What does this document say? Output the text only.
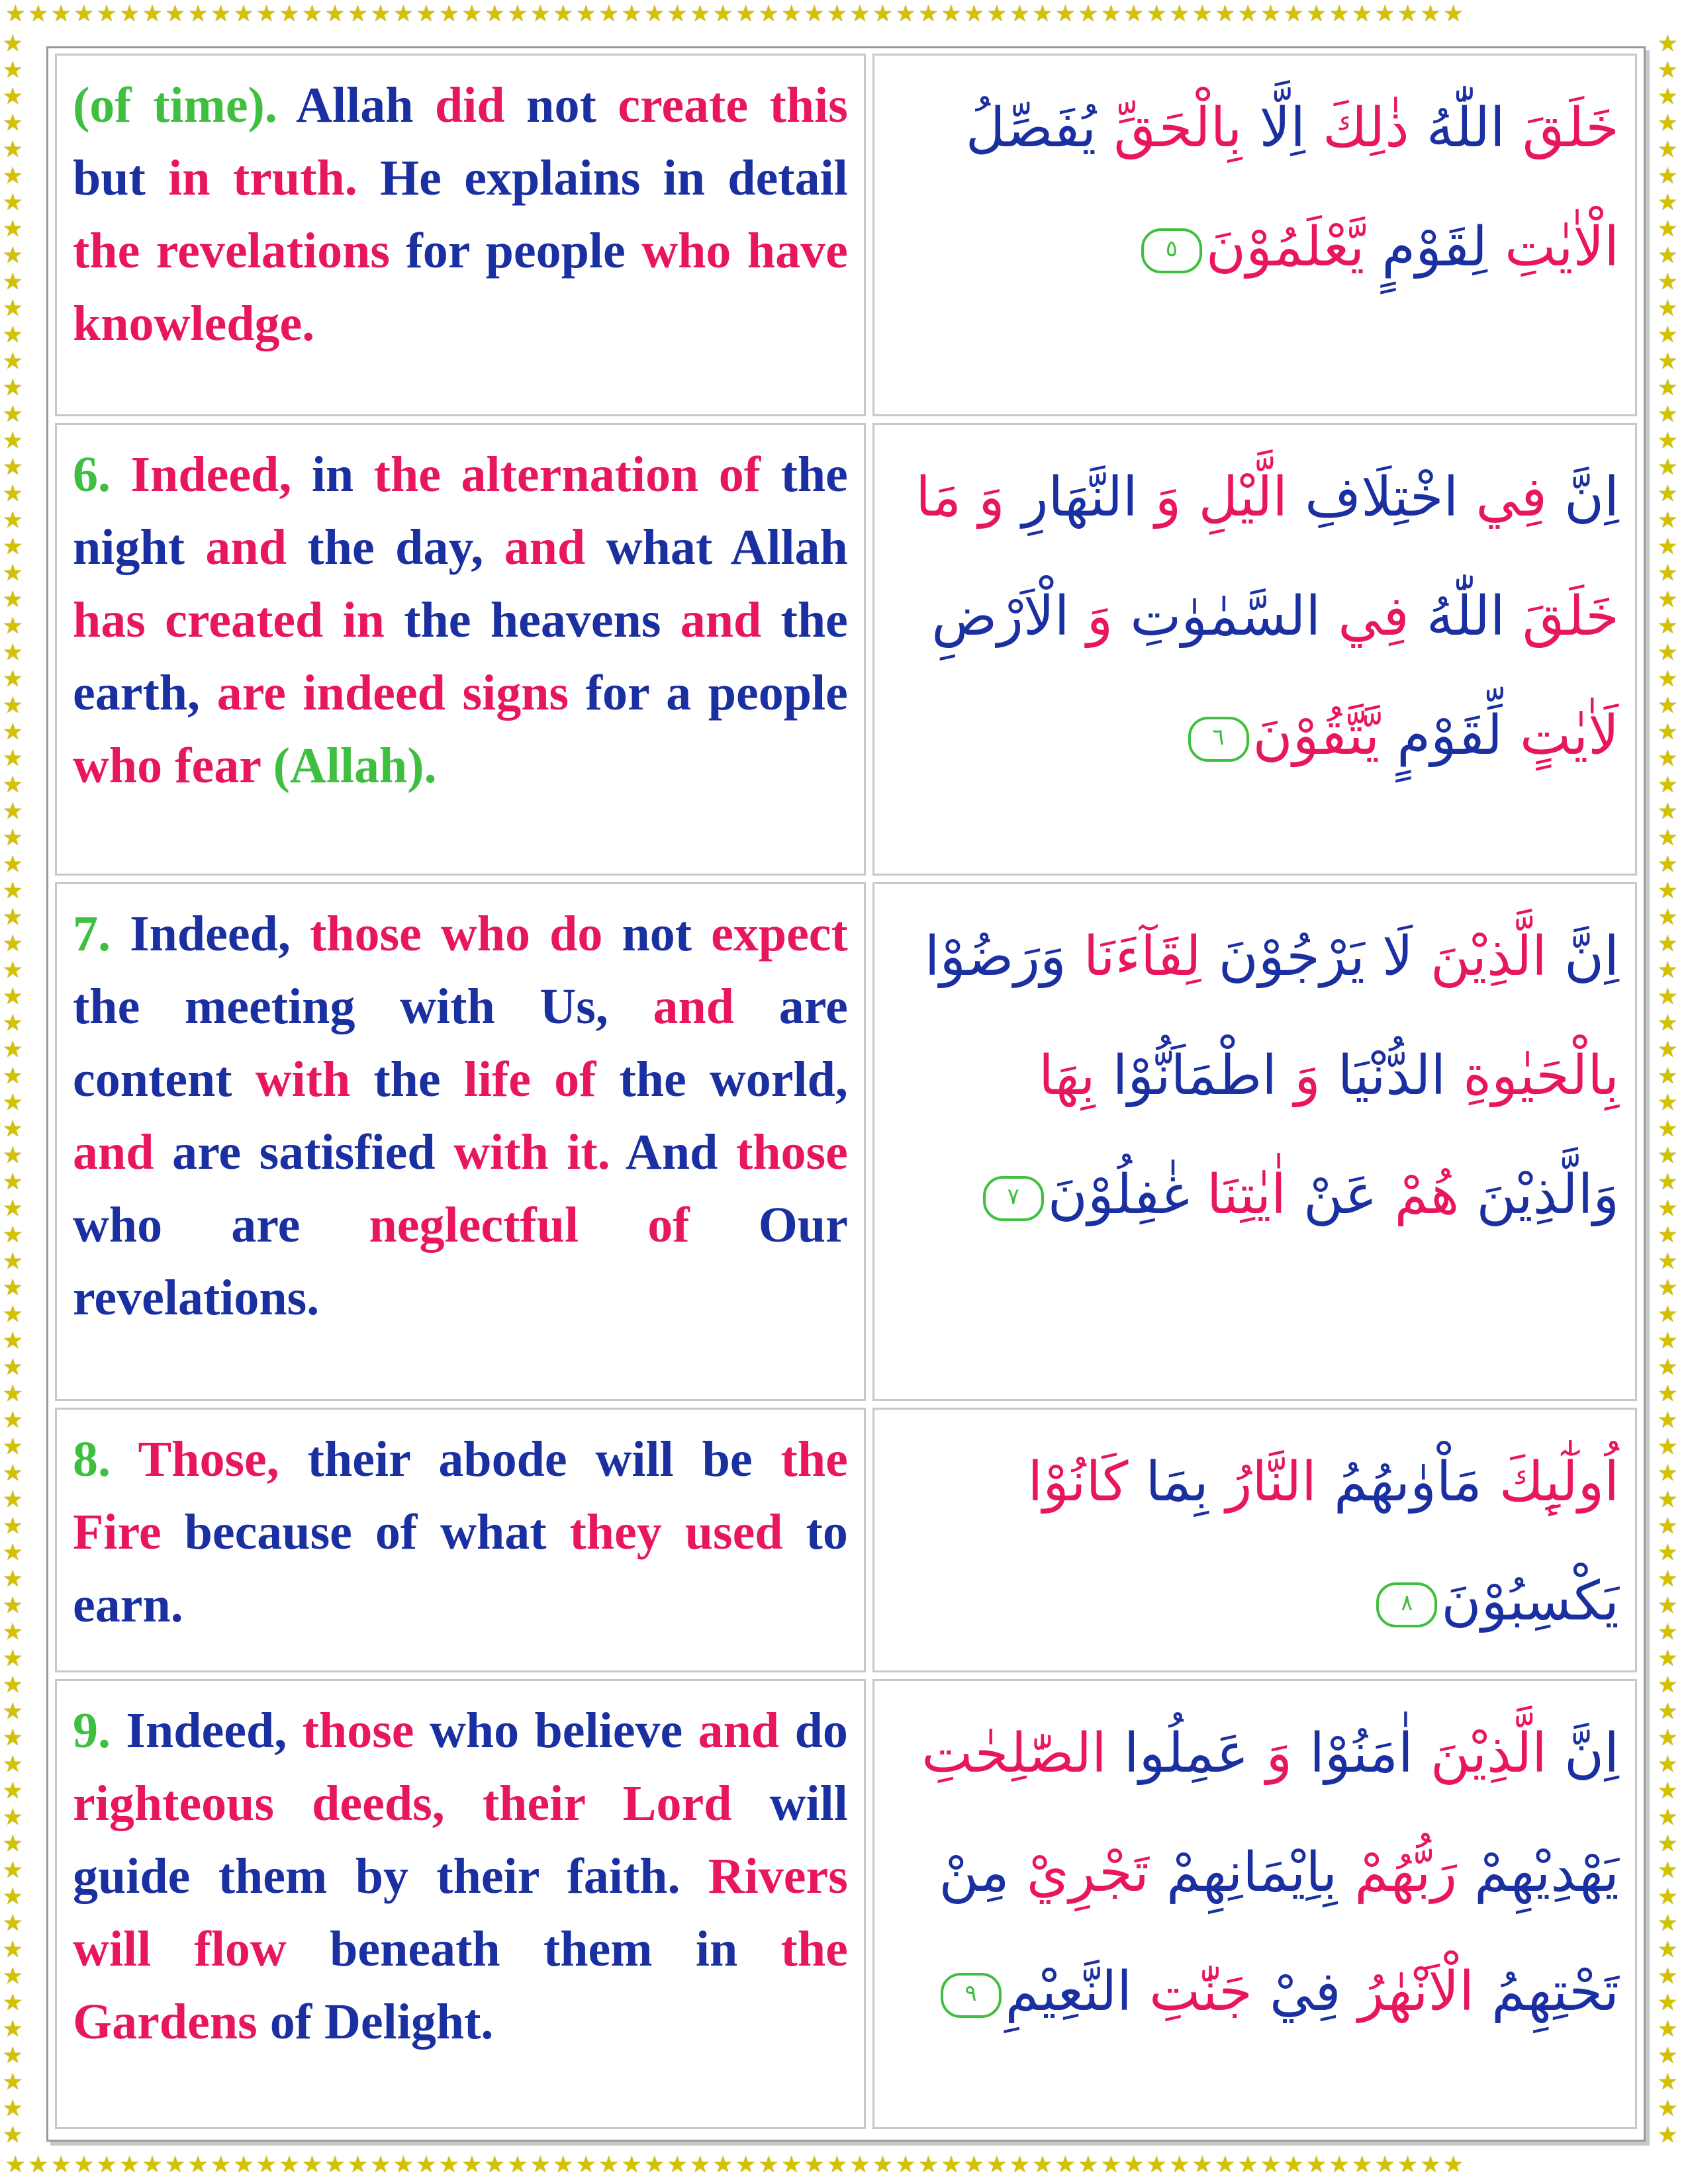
★★★★★★★★★★★★★★★★★★★★★★★★★★★★★★★★★★★★★★★★★★★★★★★★★★★★★★★★★★★★★★★★
★★★★★★★★★★★★★★★★★★★★★★★★★★★★★★★★★★★★★★★★★★★★★★★★★★★★★★★★★★★★★★★★
★★★★★★★★★★★★★★★★★★★★★★★★★★★★★★★★★★★★★★★★★★★★★★★★★★★★★★★★★★★★★★★★★★★★★★★★★★★★★★★★
★★★★★★★★★★★★★★★★★★★★★★★★★★★★★★★★★★★★★★★★★★★★★★★★★★★★★★★★★★★★★★★★★★★★★★★★★★★★★★★★
(of time). Allah did not create this but in truth. He explains in detail the revelations for people who have knowledge.
خَلَقَ اللّٰهُ ذٰلِكَ اِلَّا بِالْحَقِّ يُفَصِّلُ الْاٰيٰتِ لِقَوْمٍ يَّعْلَمُوْنَ٥
6. Indeed, in the alternation of the night and the day, and what Allah has created in the heavens and the earth, are indeed signs for a people who fear (Allah).
اِنَّ فِي اخْتِلَافِ الَّيْلِ وَ النَّهَارِ وَ مَا خَلَقَ اللّٰهُ فِي السَّمٰوٰتِ وَ الْاَرْضِ لَاٰيٰتٍ لِّقَوْمٍ يَّتَّقُوْنَ٦
7. Indeed, those who do not expect the meeting with Us, and are content with the life of the world, and are satisfied with it. And those who are neglectful of Our revelations.
اِنَّ الَّذِيْنَ لَا يَرْجُوْنَ لِقَآءَنَا وَرَضُوْا بِالْحَيٰوةِ الدُّنْيَا وَ اطْمَاَنُّوْا بِهَا وَالَّذِيْنَ هُمْ عَنْ اٰيٰتِنَا غٰفِلُوْنَ٧
8. Those, their abode will be the Fire because of what they used to earn.
اُولٰٓىِٕكَ مَاْوٰىهُمُ النَّارُ بِمَا كَانُوْا يَكْسِبُوْنَ٨
9. Indeed, those who believe and do righteous deeds, their Lord will guide them by their faith. Rivers will flow beneath them in the Gardens of Delight.
اِنَّ الَّذِيْنَ اٰمَنُوْا وَ عَمِلُوا الصّٰلِحٰتِ يَهْدِيْهِمْ رَبُّهُمْ بِاِيْمَانِهِمْ تَجْرِيْ مِنْ تَحْتِهِمُ الْاَنْهٰرُ فِيْ جَنّٰتِ النَّعِيْمِ٩
